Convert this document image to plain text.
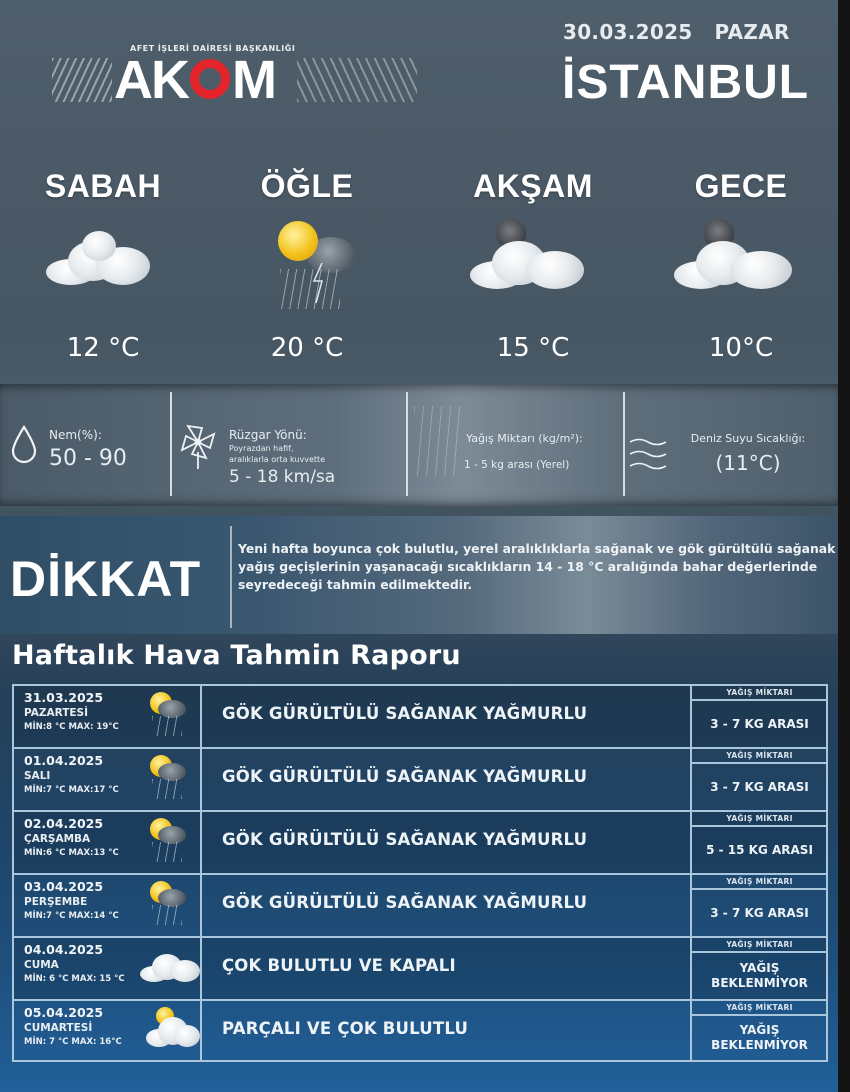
AFET İŞLERİ DAİRESİ BAŞKANLIĞI
AK M
30.03.2025 PAZAR
İSTANBUL
SABAH
12 °C
ÖĞLE
20 °C
AKŞAM
15 °C
GECE
10°C
Nem(%):
50 - 90
Rüzgar Yönü:
Poyrazdan hafif,
aralıklarla orta kuvvette
5 - 18 km/sa
Yağış Miktarı (kg/m²):
1 - 5 kg arası (Yerel)
Deniz Suyu Sıcaklığı:
(11°C)
DİKKAT
Yeni hafta boyunca çok bulutlu, yerel aralıklıklarla sağanak ve gök gürültülü sağanak yağış geçişlerinin yaşanacağı sıcaklıkların 14 - 18 °C aralığında bahar değerlerinde seyredeceği tahmin edilmektedir.
Haftalık Hava Tahmin Raporu
31.03.2025
PAZARTESİ
MİN:8 °C MAX: 19°C
GÖK GÜRÜLTÜLÜ SAĞANAK YAĞMURLU
YAĞIŞ MİKTARI
3 - 7 KG ARASI
01.04.2025
SALI
MİN:7 °C MAX:17 °C
GÖK GÜRÜLTÜLÜ SAĞANAK YAĞMURLU
YAĞIŞ MİKTARI
3 - 7 KG ARASI
02.04.2025
ÇARŞAMBA
MİN:6 °C MAX:13 °C
GÖK GÜRÜLTÜLÜ SAĞANAK YAĞMURLU
YAĞIŞ MİKTARI
5 - 15 KG ARASI
03.04.2025
PERŞEMBE
MİN:7 °C MAX:14 °C
GÖK GÜRÜLTÜLÜ SAĞANAK YAĞMURLU
YAĞIŞ MİKTARI
3 - 7 KG ARASI
04.04.2025
CUMA
MİN: 6 °C MAX: 15 °C
ÇOK BULUTLU VE KAPALI
YAĞIŞ MİKTARI
YAĞIŞ BEKLENMİYOR
05.04.2025
CUMARTESİ
MİN: 7 °C MAX: 16°C
PARÇALI VE ÇOK BULUTLU
YAĞIŞ MİKTARI
YAĞIŞ BEKLENMİYOR
